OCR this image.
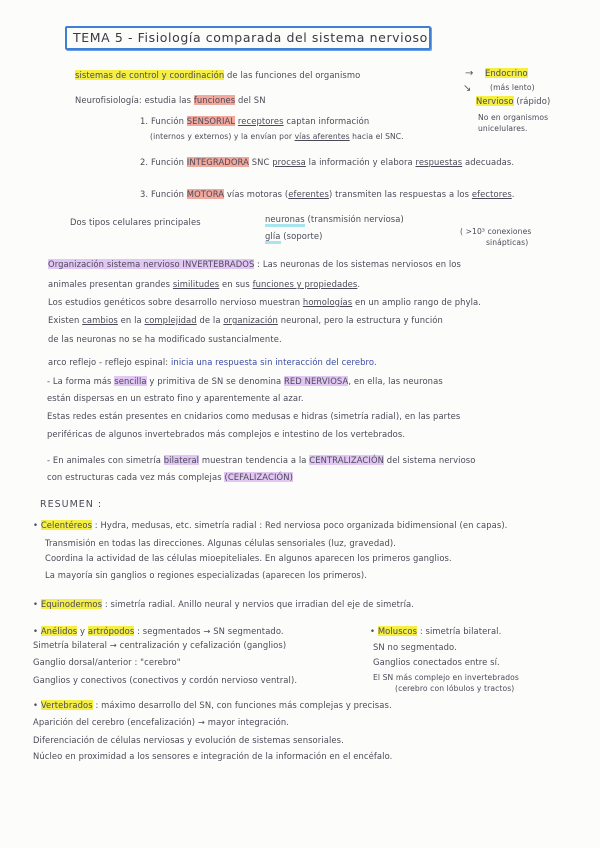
TEMA 5 - Fisiología comparada del sistema nervioso
→
↘
sistemas de control y coordinación de las funciones del organismo	Endocrino
(más lento)
Nervioso (rápido)
No en organismos
unicelulares.
Neurofisiología: estudia las funciones del SN
1. Función SENSORIAL receptores captan información
(internos y externos) y la envían por vías aferentes hacia el SNC.
2. Función INTEGRADORA SNC procesa la información y elabora respuestas adecuadas.
3. Función MOTORA vías motoras (eferentes) transmiten las respuestas a los efectores.
Dos tipos celulares principales	neuronas (transmisión nerviosa)
glía (soporte)	( >10³ conexiones
sinápticas)
Organización sistema nervioso INVERTEBRADOS : Las neuronas de los sistemas nerviosos en los
animales presentan grandes similitudes en sus funciones y propiedades.
Los estudios genéticos sobre desarrollo nervioso muestran homologías en un amplio rango de phyla.
Existen cambios en la complejidad de la organización neuronal, pero la estructura y función
de las neuronas no se ha modificado sustancialmente.
arco reflejo - reflejo espinal: inicia una respuesta sin interacción del cerebro.
- La forma más sencilla y primitiva de SN se denomina RED NERVIOSA, en ella, las neuronas
están dispersas en un estrato fino y aparentemente al azar.
Estas redes están presentes en cnidarios como medusas e hidras (simetría radial), en las partes
periféricas de algunos invertebrados más complejos e intestino de los vertebrados.
- En animales con simetría bilateral muestran tendencia a la CENTRALIZACIÓN del sistema nervioso
con estructuras cada vez más complejas (CEFALIZACIÓN)
RESUMEN :
• Celentéreos : Hydra, medusas, etc. simetría radial : Red nerviosa poco organizada bidimensional (en capas).
Transmisión en todas las direcciones. Algunas células sensoriales (luz, gravedad).
Coordina la actividad de las células mioepiteliales. En algunos aparecen los primeros ganglios.
La mayoría sin ganglios o regiones especializadas (aparecen los primeros).
• Equinodermos : simetría radial. Anillo neural y nervios que irradian del eje de simetría.
• Anélidos y artrópodos : segmentados → SN segmentado.
Simetría bilateral → centralización y cefalización (ganglios)
Ganglio dorsal/anterior : "cerebro"
Ganglios y conectivos (conectivos y cordón nervioso ventral).
• Moluscos : simetría bilateral.
SN no segmentado.
Ganglios conectados entre sí.
El SN más complejo en invertebrados
(cerebro con lóbulos y tractos)
• Vertebrados : máximo desarrollo del SN, con funciones más complejas y precisas.
Aparición del cerebro (encefalización) → mayor integración.
Diferenciación de células nerviosas y evolución de sistemas sensoriales.
Núcleo en proximidad a los sensores e integración de la información en el encéfalo.
